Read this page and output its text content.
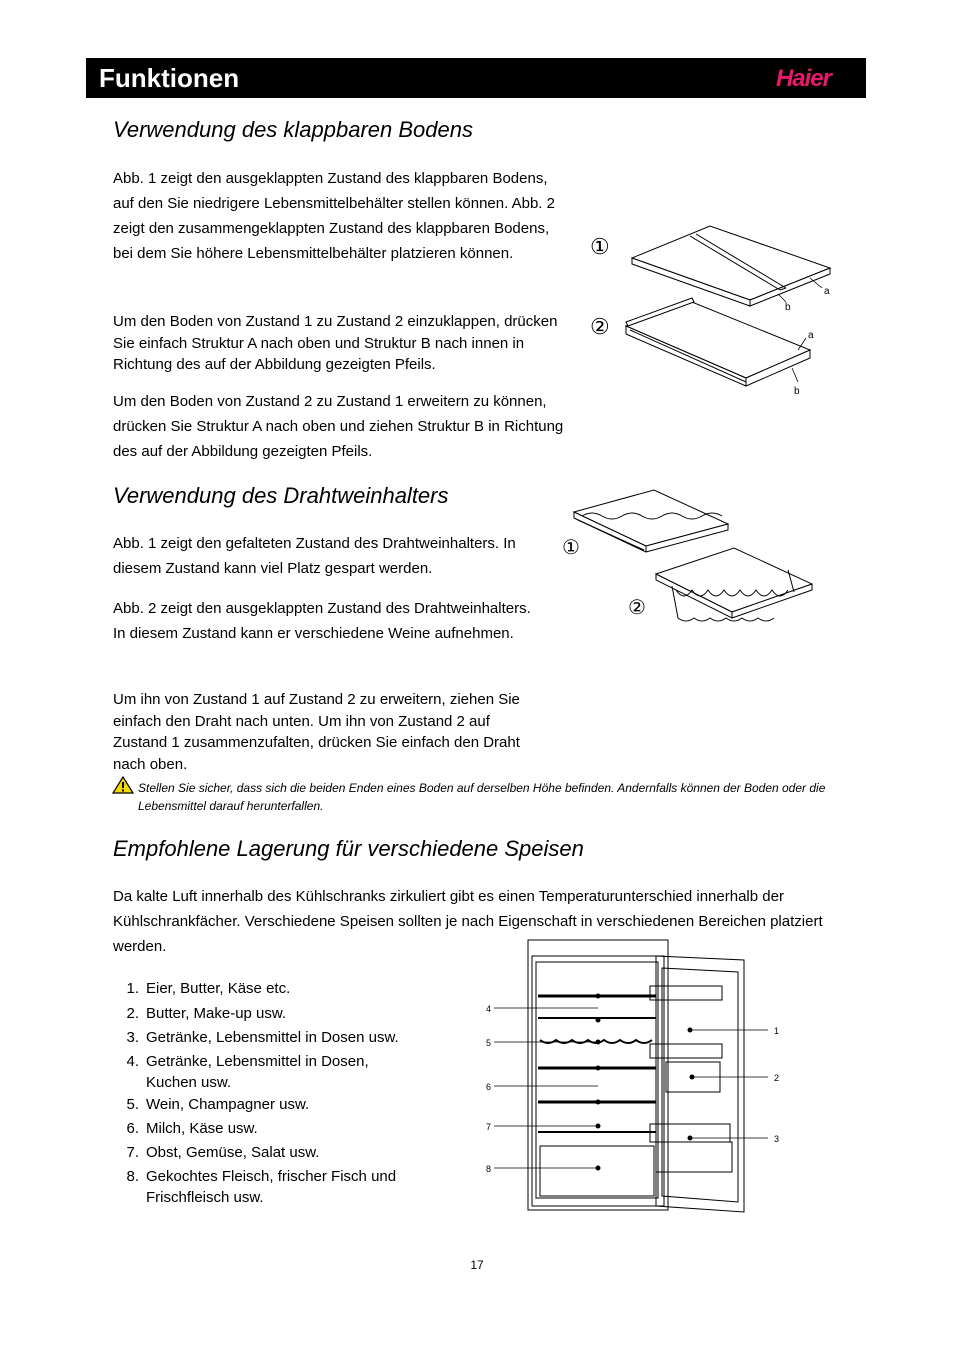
Funktionen	Haier
Verwendung des klappbaren Bodens

Abb. 1 zeigt den ausgeklappten Zustand des klappbaren Bodens, auf den Sie niedrigere Lebensmittelbehälter stellen können. Abb. 2 zeigt den zusammengeklappten Zustand des klappbaren Bodens, bei dem Sie höhere Lebensmittelbehälter platzieren können.

Um den Boden von Zustand 1 zu Zustand 2 einzuklappen, drücken Sie einfach Struktur A nach oben und Struktur B nach innen in Richtung des auf der Abbildung gezeigten Pfeils.

Um den Boden von Zustand 2 zu Zustand 1 erweitern zu können, drücken Sie Struktur A nach oben und ziehen Struktur B in Richtung des auf der Abbildung gezeigten Pfeils.

①
a
b
②	a
b
Verwendung des Drahtweinhalters

Abb. 1 zeigt den gefalteten Zustand des Drahtweinhalters. In diesem Zustand kann viel Platz gespart werden.

Abb. 2 zeigt den ausgeklappten Zustand des Drahtweinhalters. In diesem Zustand kann er verschiedene Weine aufnehmen.

Um ihn von Zustand 1 auf Zustand 2 zu erweitern, ziehen Sie einfach den Draht nach unten. Um ihn von Zustand 2 auf Zustand 1 zusammenzufalten, drücken Sie einfach den Draht nach oben.

Stellen Sie sicher, dass sich die beiden Enden eines Boden auf derselben Höhe befinden. Andernfalls können der Boden oder die Lebensmittel darauf herunterfallen.

①
②
Empfohlene Lagerung für verschiedene Speisen

Da kalte Luft innerhalb des Kühlschranks zirkuliert gibt es einen Temperaturunterschied innerhalb der Kühlschrankfächer. Verschiedene Speisen sollten je nach Eigenschaft in verschiedenen Bereichen platziert werden.

1. Eier, Butter, Käse etc.
2. Butter, Make-up usw.
3. Getränke, Lebensmittel in Dosen usw.
4. Getränke, Lebensmittel in Dosen,
Kuchen usw.
5. Wein, Champagner usw.
6. Milch, Käse usw.
7. Obst, Gemüse, Salat usw.
8. Gekochtes Fleisch, frischer Fisch und
Frischfleisch usw.
1
2
3
4
5
6
7
8
17
